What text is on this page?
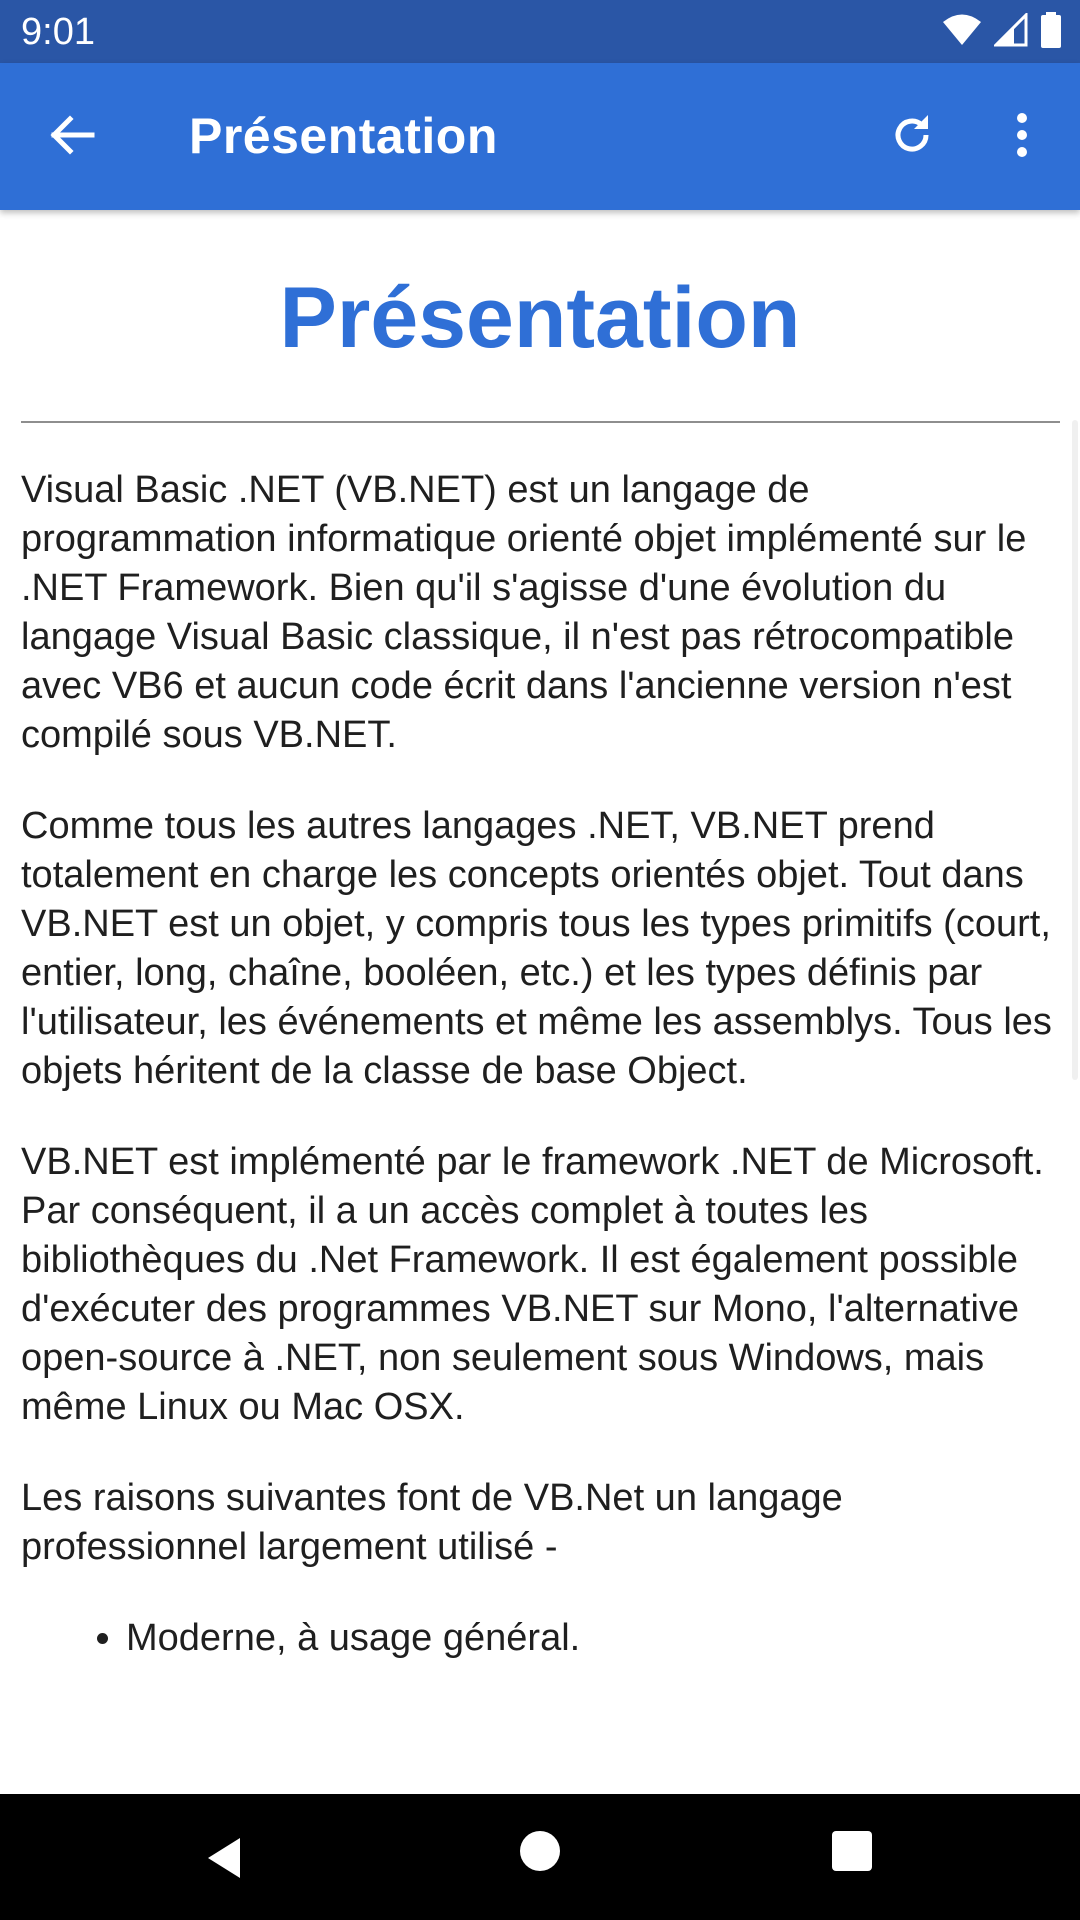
9:01
Présentation
Présentation

Visual Basic .NET (VB.NET) est un langage de programmation informatique orienté objet implémenté sur le .NET Framework. Bien qu'il s'agisse d'une évolution du langage Visual Basic classique, il n'est pas rétrocompatible avec VB6 et aucun code écrit dans l'ancienne version n'est compilé sous VB.NET.

Comme tous les autres langages .NET, VB.NET prend totalement en charge les concepts orientés objet. Tout dans VB.NET est un objet, y compris tous les types primitifs (court, entier, long, chaîne, booléen, etc.) et les types définis par l'utilisateur, les événements et même les assemblys. Tous les objets héritent de la classe de base Object.

VB.NET est implémenté par le framework .NET de Microsoft. Par conséquent, il a un accès complet à toutes les bibliothèques du .Net Framework. Il est également possible d'exécuter des programmes VB.NET sur Mono, l'alternative open-source à .NET, non seulement sous Windows, mais même Linux ou Mac OSX.

Les raisons suivantes font de VB.Net un langage professionnel largement utilisé -

• Moderne, à usage général.
